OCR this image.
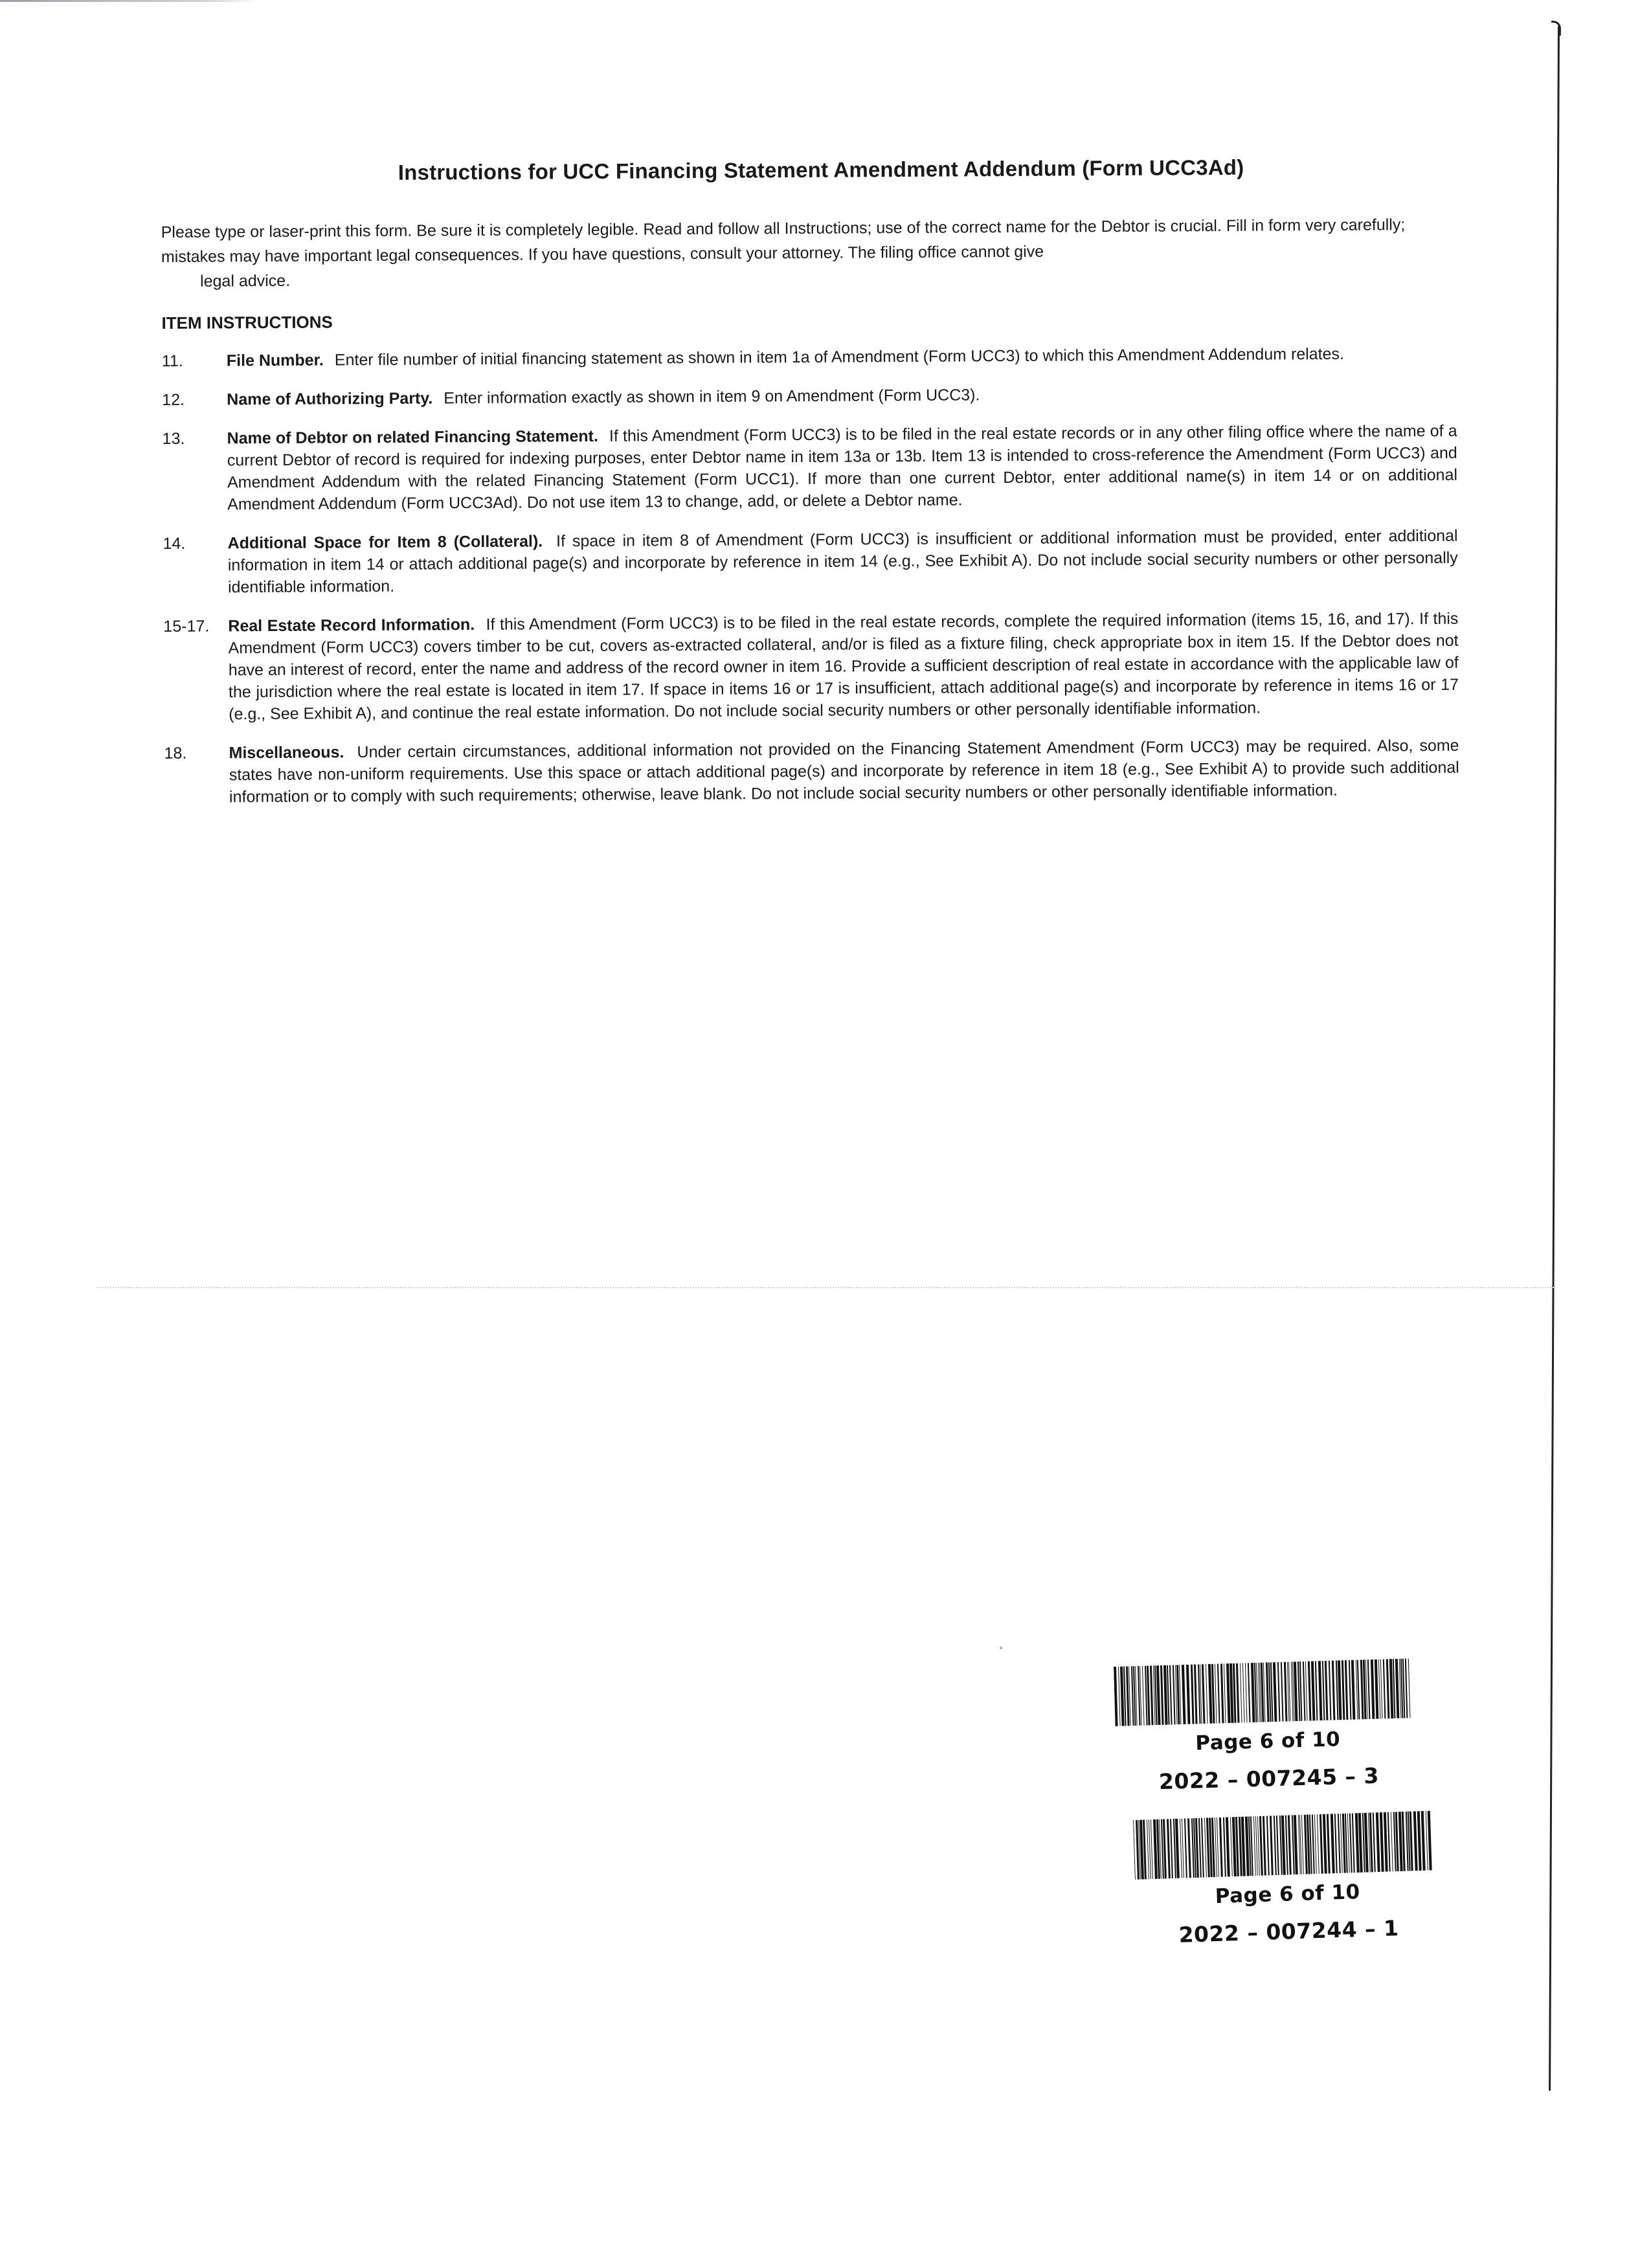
Instructions for UCC Financing Statement Amendment Addendum (Form UCC3Ad)

Please type or laser-print this form. Be sure it is completely legible. Read and follow all Instructions; use of the correct name for the Debtor is crucial. Fill in form very carefully; mistakes may have important legal consequences. If you have questions, consult your attorney. The filing office cannot give
legal advice.

ITEM INSTRUCTIONS
11.	File Number. Enter file number of initial financing statement as shown in item 1a of Amendment (Form UCC3) to which this Amendment Addendum relates.
12.	Name of Authorizing Party. Enter information exactly as shown in item 9 on Amendment (Form UCC3).
13.	Name of Debtor on related Financing Statement. If this Amendment (Form UCC3) is to be filed in the real estate records or in any other filing office where the name of a current Debtor of record is required for indexing purposes, enter Debtor name in item 13a or 13b. Item 13 is intended to cross-reference the Amendment (Form UCC3) and Amendment Addendum with the related Financing Statement (Form UCC1). If more than one current Debtor, enter additional name(s) in item 14 or on additional Amendment Addendum (Form UCC3Ad). Do not use item 13 to change, add, or delete a Debtor name.
14.	Additional Space for Item 8 (Collateral). If space in item 8 of Amendment (Form UCC3) is insufficient or additional information must be provided, enter additional information in item 14 or attach additional page(s) and incorporate by reference in item 14 (e.g., See Exhibit A). Do not include social security numbers or other personally identifiable information.
15-17.	Real Estate Record Information. If this Amendment (Form UCC3) is to be filed in the real estate records, complete the required information (items 15, 16, and 17). If this Amendment (Form UCC3) covers timber to be cut, covers as-extracted collateral, and/or is filed as a fixture filing, check appropriate box in item 15. If the Debtor does not have an interest of record, enter the name and address of the record owner in item 16. Provide a sufficient description of real estate in accordance with the applicable law of the jurisdiction where the real estate is located in item 17. If space in items 16 or 17 is insufficient, attach additional page(s) and incorporate by reference in items 16 or 17 (e.g., See Exhibit A), and continue the real estate information. Do not include social security numbers or other personally identifiable information.
18.	Miscellaneous. Under certain circumstances, additional information not provided on the Financing Statement Amendment (Form UCC3) may be required. Also, some states have non-uniform requirements. Use this space or attach additional page(s) and incorporate by reference in item 18 (e.g., See Exhibit A) to provide such additional information or to comply with such requirements; otherwise, leave blank. Do not include social security numbers or other personally identifiable information.
Page 6 of 10
2022 – 007245 – 3
Page 6 of 10
2022 – 007244 – 1
